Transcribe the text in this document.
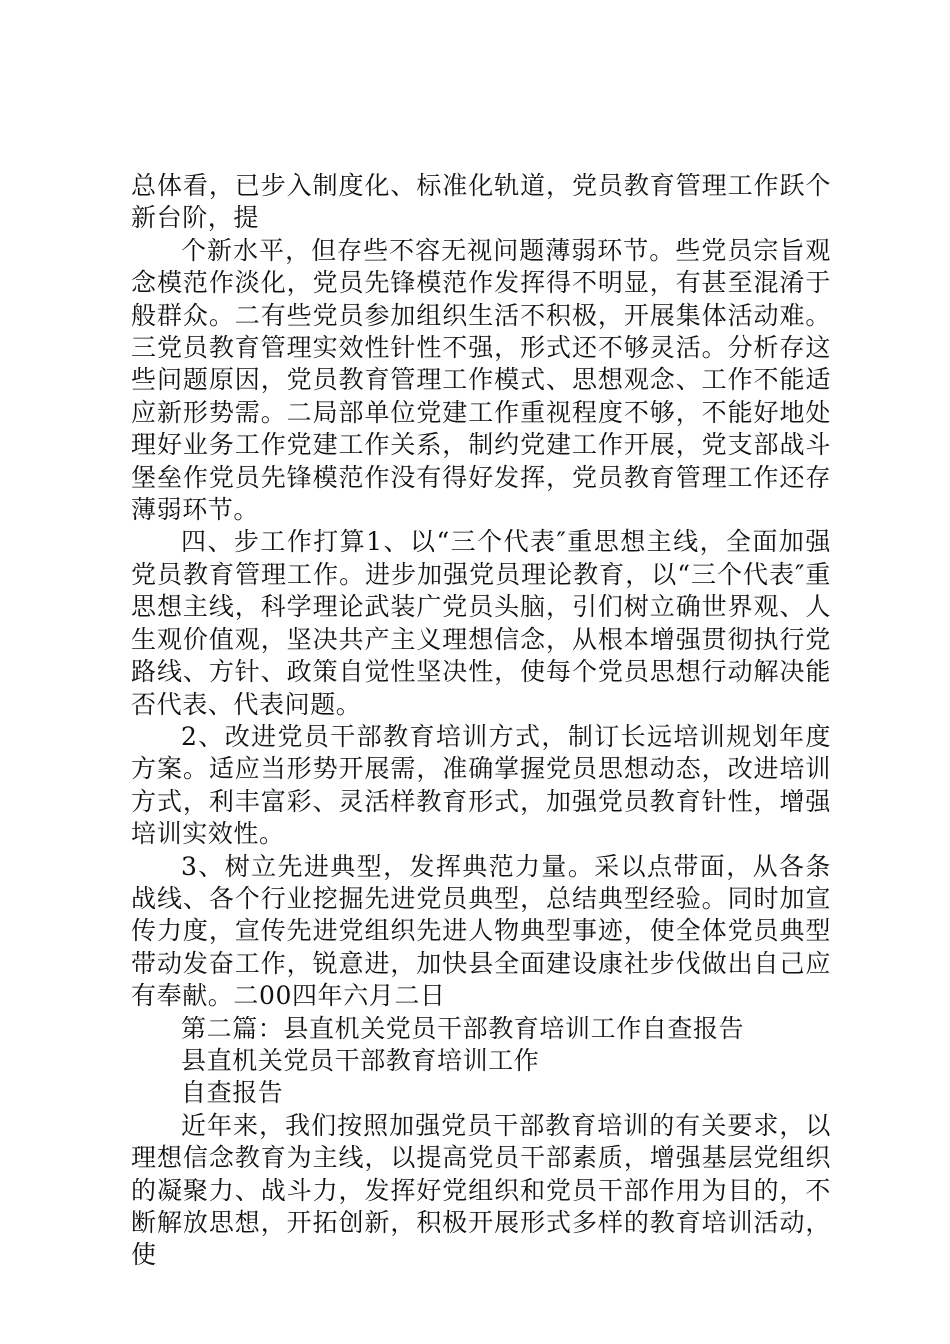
总体看，已步入制度化、标准化轨道，党员教育管理工作跃个新台阶，提

个新水平，但存些不容无视问题薄弱环节。些党员宗旨观念模范作淡化，党员先锋模范作发挥得不明显，有甚至混淆于般群众。二有些党员参加组织生活不积极，开展集体活动难。三党员教育管理实效性针性不强，形式还不够灵活。分析存这些问题原因，党员教育管理工作模式、思想观念、工作不能适应新形势需。二局部单位党建工作重视程度不够，不能好地处理好业务工作党建工作关系，制约党建工作开展，党支部战斗堡垒作党员先锋模范作没有得好发挥，党员教育管理工作还存薄弱环节。

四、步工作打算1、以“三个代表″重思想主线，全面加强党员教育管理工作。进步加强党员理论教育，以“三个代表″重思想主线，科学理论武装广党员头脑，引们树立确世界观、人生观价值观，坚决共产主义理想信念，从根本增强贯彻执行党路线、方针、政策自觉性坚决性，使每个党员思想行动解决能否代表、代表问题。

2、改进党员干部教育培训方式，制订长远培训规划年度方案。适应当形势开展需，准确掌握党员思想动态，改进培训方式，利丰富彩、灵活样教育形式，加强党员教育针性，增强培训实效性。

3、树立先进典型，发挥典范力量。采以点带面，从各条战线、各个行业挖掘先进党员典型，总结典型经验。同时加宣传力度，宣传先进党组织先进人物典型事迹，使全体党员典型带动发奋工作，锐意进，加快县全面建设康社步伐做出自己应有奉献。二00四年六月二日

第二篇：县直机关党员干部教育培训工作自查报告

县直机关党员干部教育培训工作

自查报告

近年来，我们按照加强党员干部教育培训的有关要求，以理想信念教育为主线，以提高党员干部素质，增强基层党组织的凝聚力、战斗力，发挥好党组织和党员干部作用为目的，不断解放思想，开拓创新，积极开展形式多样的教育培训活动，使
